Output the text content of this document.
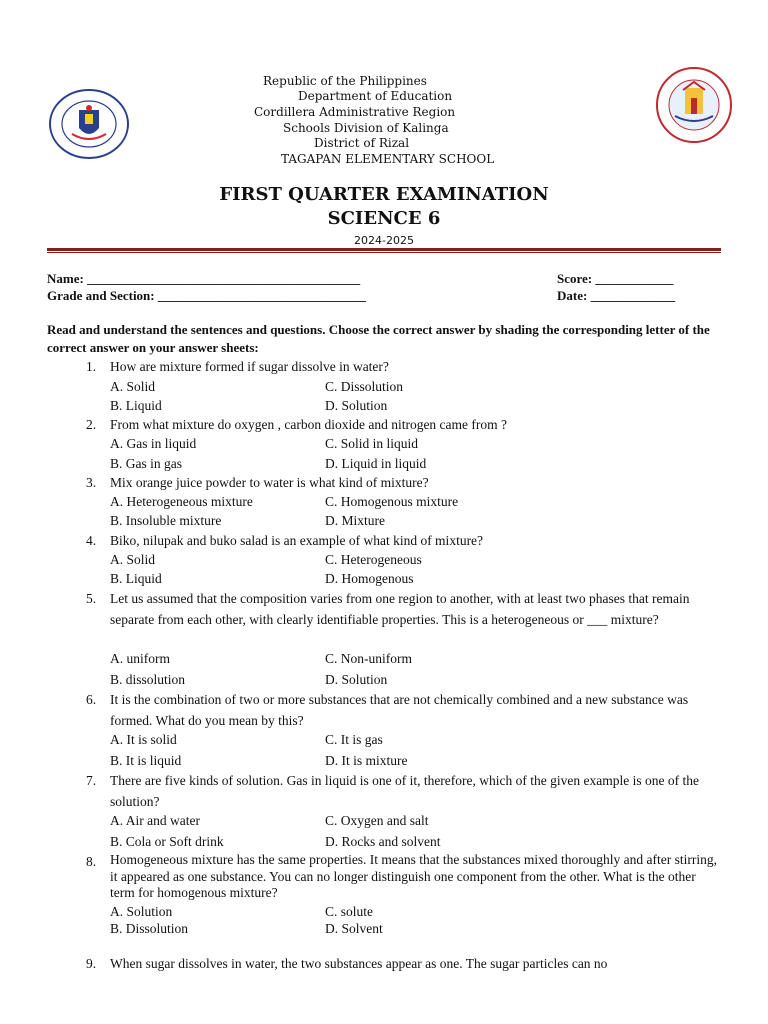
Republic of the Philippines
Department of Education
Cordillera Administrative Region
Schools Division of Kalinga
District of Rizal
TAGAPAN ELEMENTARY SCHOOL
FIRST QUARTER EXAMINATION
SCIENCE 6
2024-2025
Name: __________________________________________
Grade and Section: ________________________________
Score: ____________
Date: _____________
Read and understand the sentences and questions. Choose the correct answer by shading the corresponding letter of the correct answer on your answer sheets:
1.	How are mixture formed if sugar dissolve in water?
A. Solid	C. Dissolution
B. Liquid	D. Solution
2.	From what mixture do oxygen , carbon dioxide and nitrogen came from ?
A. Gas in liquid	C. Solid in liquid
B. Gas in gas	D. Liquid in liquid
3.	Mix orange juice powder to water is what kind of mixture?
A. Heterogeneous mixture	C. Homogenous mixture
B. Insoluble mixture	D. Mixture
4.	Biko, nilupak and buko salad is an example of what kind of mixture?
A. Solid	C. Heterogeneous
B. Liquid	D. Homogenous
5.	Let us assumed that the composition varies from one region to another, with at least two phases that remain separate from each other, with clearly identifiable properties. This is a heterogeneous or ___ mixture?
A. uniform	C. Non-uniform
B. dissolution	D. Solution
6.	It is the combination of two or more substances that are not chemically combined and a new substance was formed. What do you mean by this?
A. It is solid	C. It is gas
B. It is liquid	D. It is mixture
7.	There are five kinds of solution. Gas in liquid is one of it, therefore, which of the given example is one of the solution?
A. Air and water	C. Oxygen and salt
B. Cola or Soft drink	D. Rocks and solvent
8.	Homogeneous mixture has the same properties. It means that the substances mixed thoroughly and after stirring, it appeared as one substance. You can no longer distinguish one component from the other. What is the other term for homogenous mixture?
A. Solution	C. solute
B. Dissolution	D. Solvent
9.	When sugar dissolves in water, the two substances appear as one. The sugar particles can no
